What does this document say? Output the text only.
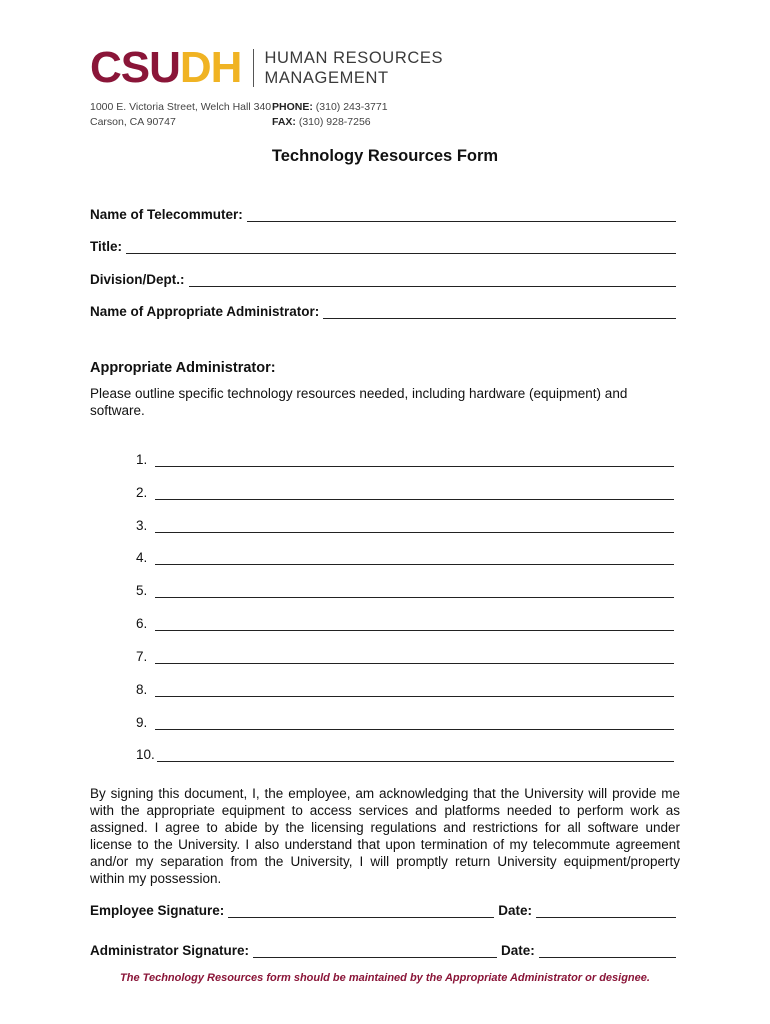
CSU DH HUMAN RESOURCES
MANAGEMENT
1000 E. Victoria Street, Welch Hall 340
Carson, CA 90747
PHONE: (310) 243-3771
FAX: (310) 928-7256
Technology Resources Form
Name of Telecommuter:
Title:
Division/Dept.:
Name of Appropriate Administrator:
Appropriate Administrator:

Please outline specific technology resources needed, including hardware (equipment) and software.

1.
2.
3.
4.
5.
6.
7.
8.
9.
10.

By signing this document, I, the employee, am acknowledging that the University will provide me with the appropriate equipment to access services and platforms needed to perform work as assigned. I agree to abide by the licensing regulations and restrictions for all software under license to the University. I also understand that upon termination of my telecommute agreement and/or my separation from the University, I will promptly return University equipment/property within my possession.

Employee Signature:	Date:
Administrator Signature:	Date:
The Technology Resources form should be maintained by the Appropriate Administrator or designee.
